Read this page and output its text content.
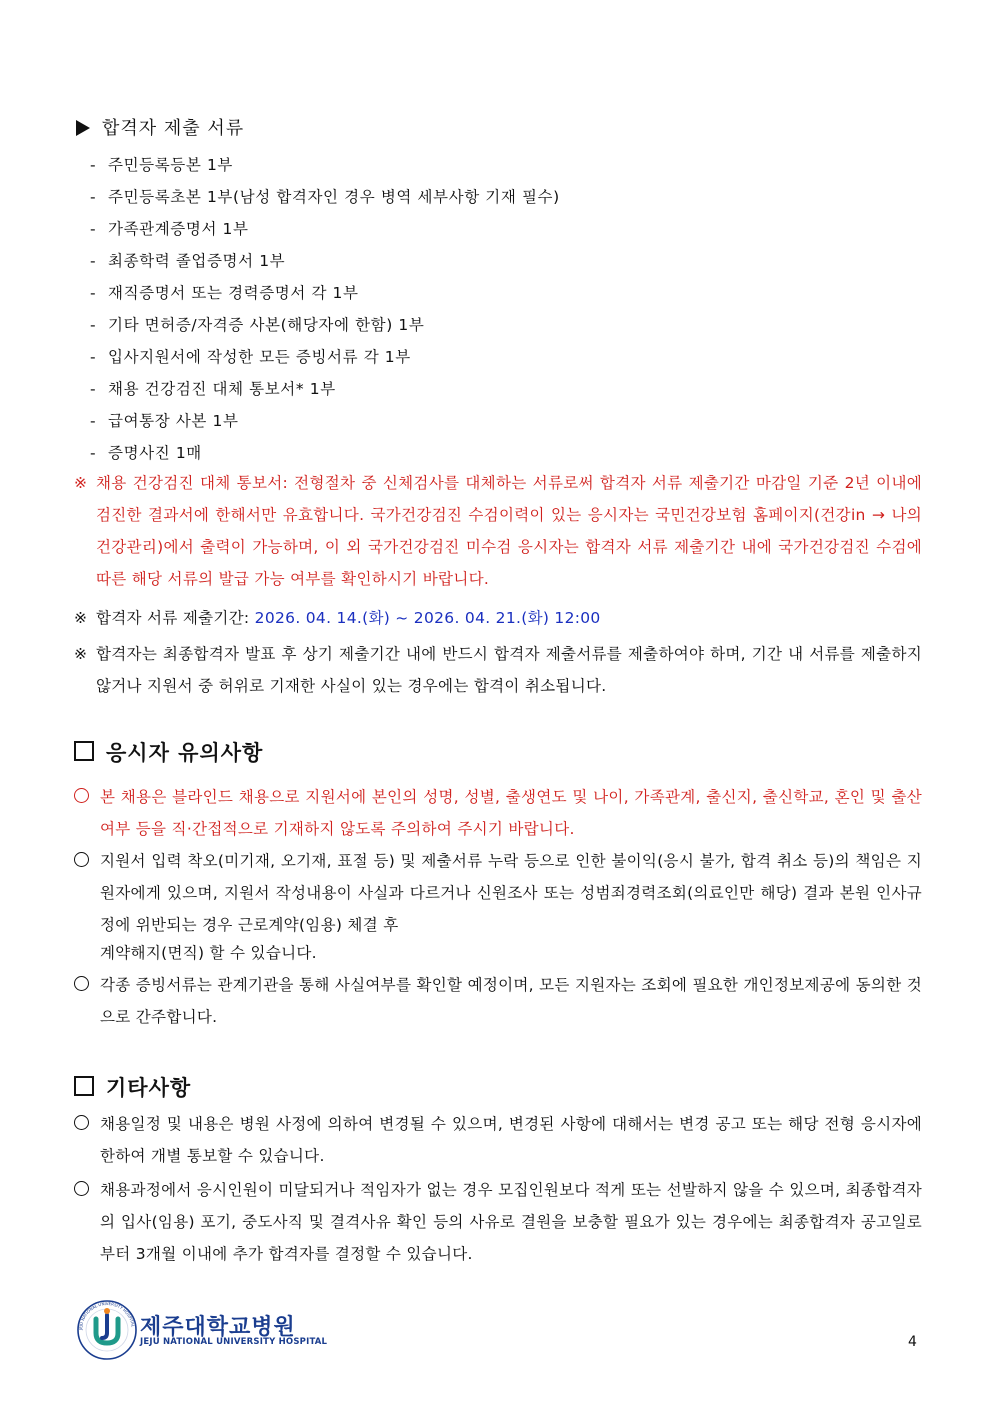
합격자 제출 서류
- 주민등록등본 1부
- 주민등록초본 1부(남성 합격자인 경우 병역 세부사항 기재 필수)
- 가족관계증명서 1부
- 최종학력 졸업증명서 1부
- 재직증명서 또는 경력증명서 각 1부
- 기타 면허증/자격증 사본(해당자에 한함) 1부
- 입사지원서에 작성한 모든 증빙서류 각 1부
- 채용 건강검진 대체 통보서* 1부
- 급여통장 사본 1부
- 증명사진 1매
※ 채용 건강검진 대체 통보서: 전형절차 중 신체검사를 대체하는 서류로써 합격자 서류 제출기간 마감일 기준 2년 이내에 검진한 결과서에 한해서만 유효합니다. 국가건강검진 수검이력이 있는 응시자는 국민건강보험 홈페이지(건강in → 나의 건강관리)에서 출력이 가능하며, 이 외 국가건강검진 미수검 응시자는 합격자 서류 제출기간 내에 국가건강검진 수검에 따른 해당 서류의 발급 가능 여부를 확인하시기 바랍니다.
※ 합격자 서류 제출기간: 2026. 04. 14.(화) ~ 2026. 04. 21.(화) 12:00
※ 합격자는 최종합격자 발표 후 상기 제출기간 내에 반드시 합격자 제출서류를 제출하여야 하며, 기간 내 서류를 제출하지 않거나 지원서 중 허위로 기재한 사실이 있는 경우에는 합격이 취소됩니다.
응시자 유의사항
본 채용은 블라인드 채용으로 지원서에 본인의 성명, 성별, 출생연도 및 나이, 가족관계, 출신지, 출신학교, 혼인 및 출산여부 등을 직·간접적으로 기재하지 않도록 주의하여 주시기 바랍니다.
지원서 입력 착오(미기재, 오기재, 표절 등) 및 제출서류 누락 등으로 인한 불이익(응시 불가, 합격 취소 등)의 책임은 지원자에게 있으며, 지원서 작성내용이 사실과 다르거나 신원조사 또는 성범죄경력조회(의료인만 해당) 결과 본원 인사규정에 위반되는 경우 근로계약(임용) 체결 후
계약해지(면직) 할 수 있습니다.
각종 증빙서류는 관계기관을 통해 사실여부를 확인할 예정이며, 모든 지원자는 조회에 필요한 개인정보제공에 동의한 것으로 간주합니다.
기타사항
채용일정 및 내용은 병원 사정에 의하여 변경될 수 있으며, 변경된 사항에 대해서는 변경 공고 또는 해당 전형 응시자에 한하여 개별 통보할 수 있습니다.
채용과정에서 응시인원이 미달되거나 적임자가 없는 경우 모집인원보다 적게 또는 선발하지 않을 수 있으며, 최종합격자의 입사(임용) 포기, 중도사직 및 결격사유 확인 등의 사유로 결원을 보충할 필요가 있는 경우에는 최종합격자 공고일로부터 3개월 이내에 추가 합격자를 결정할 수 있습니다.
JEJU NATIONAL UNIVERSITY HOSPITAL 제주대학교병원
JEJU NATIONAL UNIVERSITY HOSPITAL	4
